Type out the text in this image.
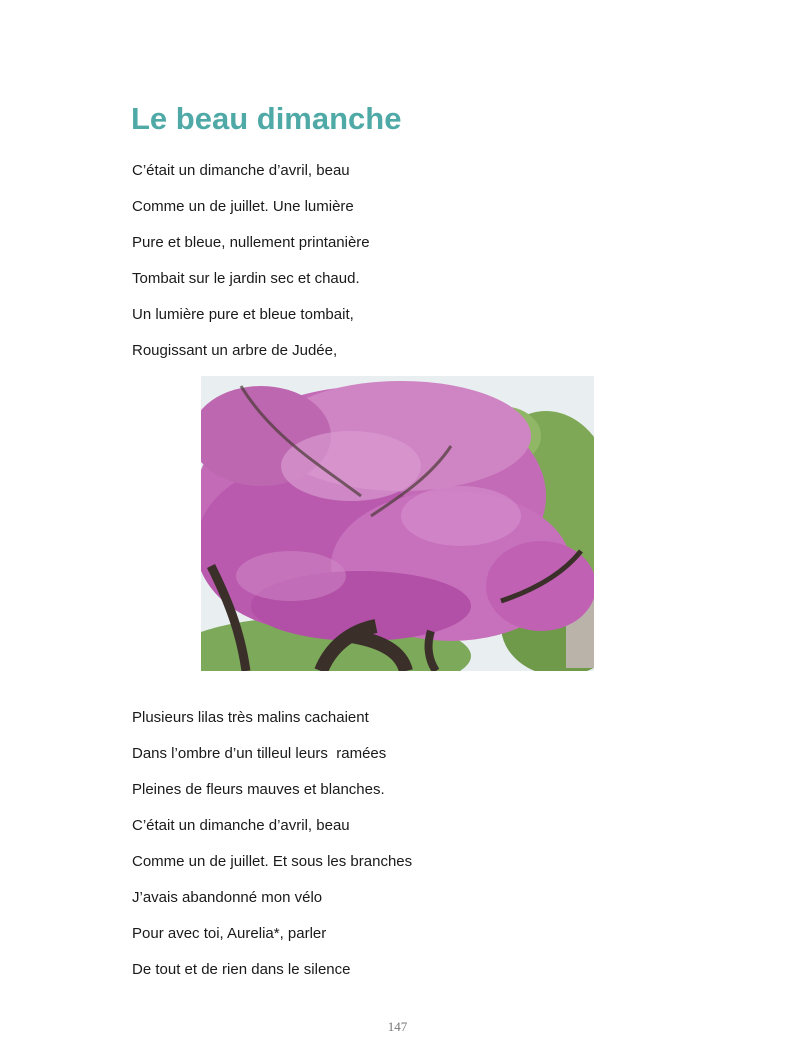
Le beau dimanche
C’était un dimanche d’avril, beau
Comme un de juillet. Une lumière
Pure et bleue, nullement printanière
Tombait sur le jardin sec et chaud.
Un lumière pure et bleue tombait,
Rougissant un arbre de Judée,
Plusieurs lilas très malins cachaient
Dans l’ombre d’un tilleul leurs  ramées
Pleines de fleurs mauves et blanches.
C’était un dimanche d’avril, beau
Comme un de juillet. Et sous les branches
J’avais abandonné mon vélo
Pour avec toi, Aurelia*, parler
De tout et de rien dans le silence
147
